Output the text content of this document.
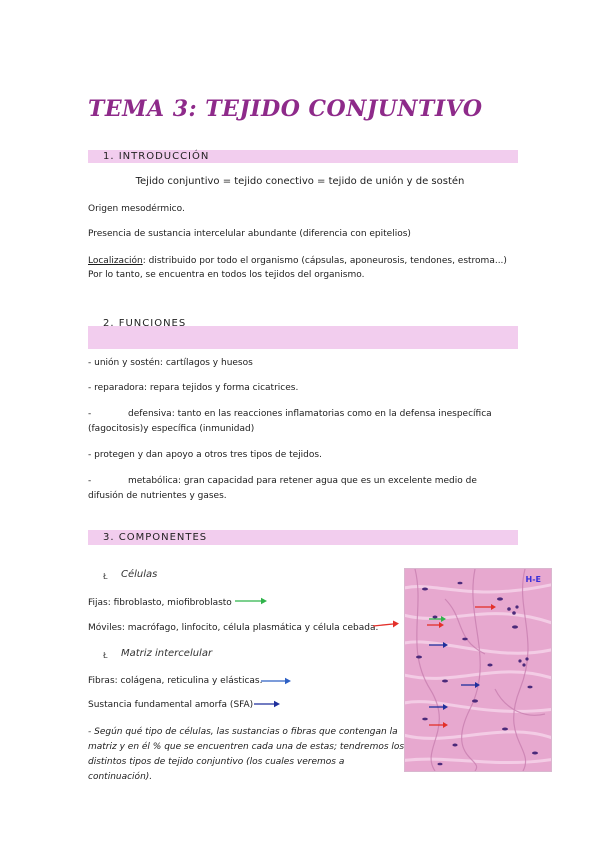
TEMA 3: TEJIDO CONJUNTIVO
1. INTRODUCCIÓN
Tejido conjuntivo = tejido conectivo = tejido de unión y de sostén
Origen mesodérmico.
Presencia de sustancia intercelular abundante (diferencia con epitelios)
Localización: distribuido por todo el organismo (cápsulas, aponeurosis, tendones, estroma...)
Por lo tanto, se encuentra en todos los tejidos del organismo.
2. FUNCIONES
- unión y sostén: cartílagos y huesos
- reparadora: repara tejidos y forma cicatrices.
-	defensiva: tanto en las reacciones inflamatorias como en la defensa inespecífica
(fagocitosis)y específica (inmunidad)
- protegen y dan apoyo a otros tres tipos de tejidos.
-	metabólica: gran capacidad para retener agua que es un excelente medio de
difusión de nutrientes y gases.
3. COMPONENTES
Ł Células
Fijas: fibroblasto, miofibroblasto
Móviles: macrófago, linfocito, célula plasmática y célula cebada.
Ł Matriz intercelular
Fibras: colágena, reticulina y elásticas.
Sustancia fundamental amorfa (SFA)
- Según qué tipo de células, las sustancias o fibras que contengan la
matriz y en él % que se encuentren cada una de estas; tendremos los
distintos tipos de tejido conjuntivo (los cuales veremos a
continuación).
H-E
